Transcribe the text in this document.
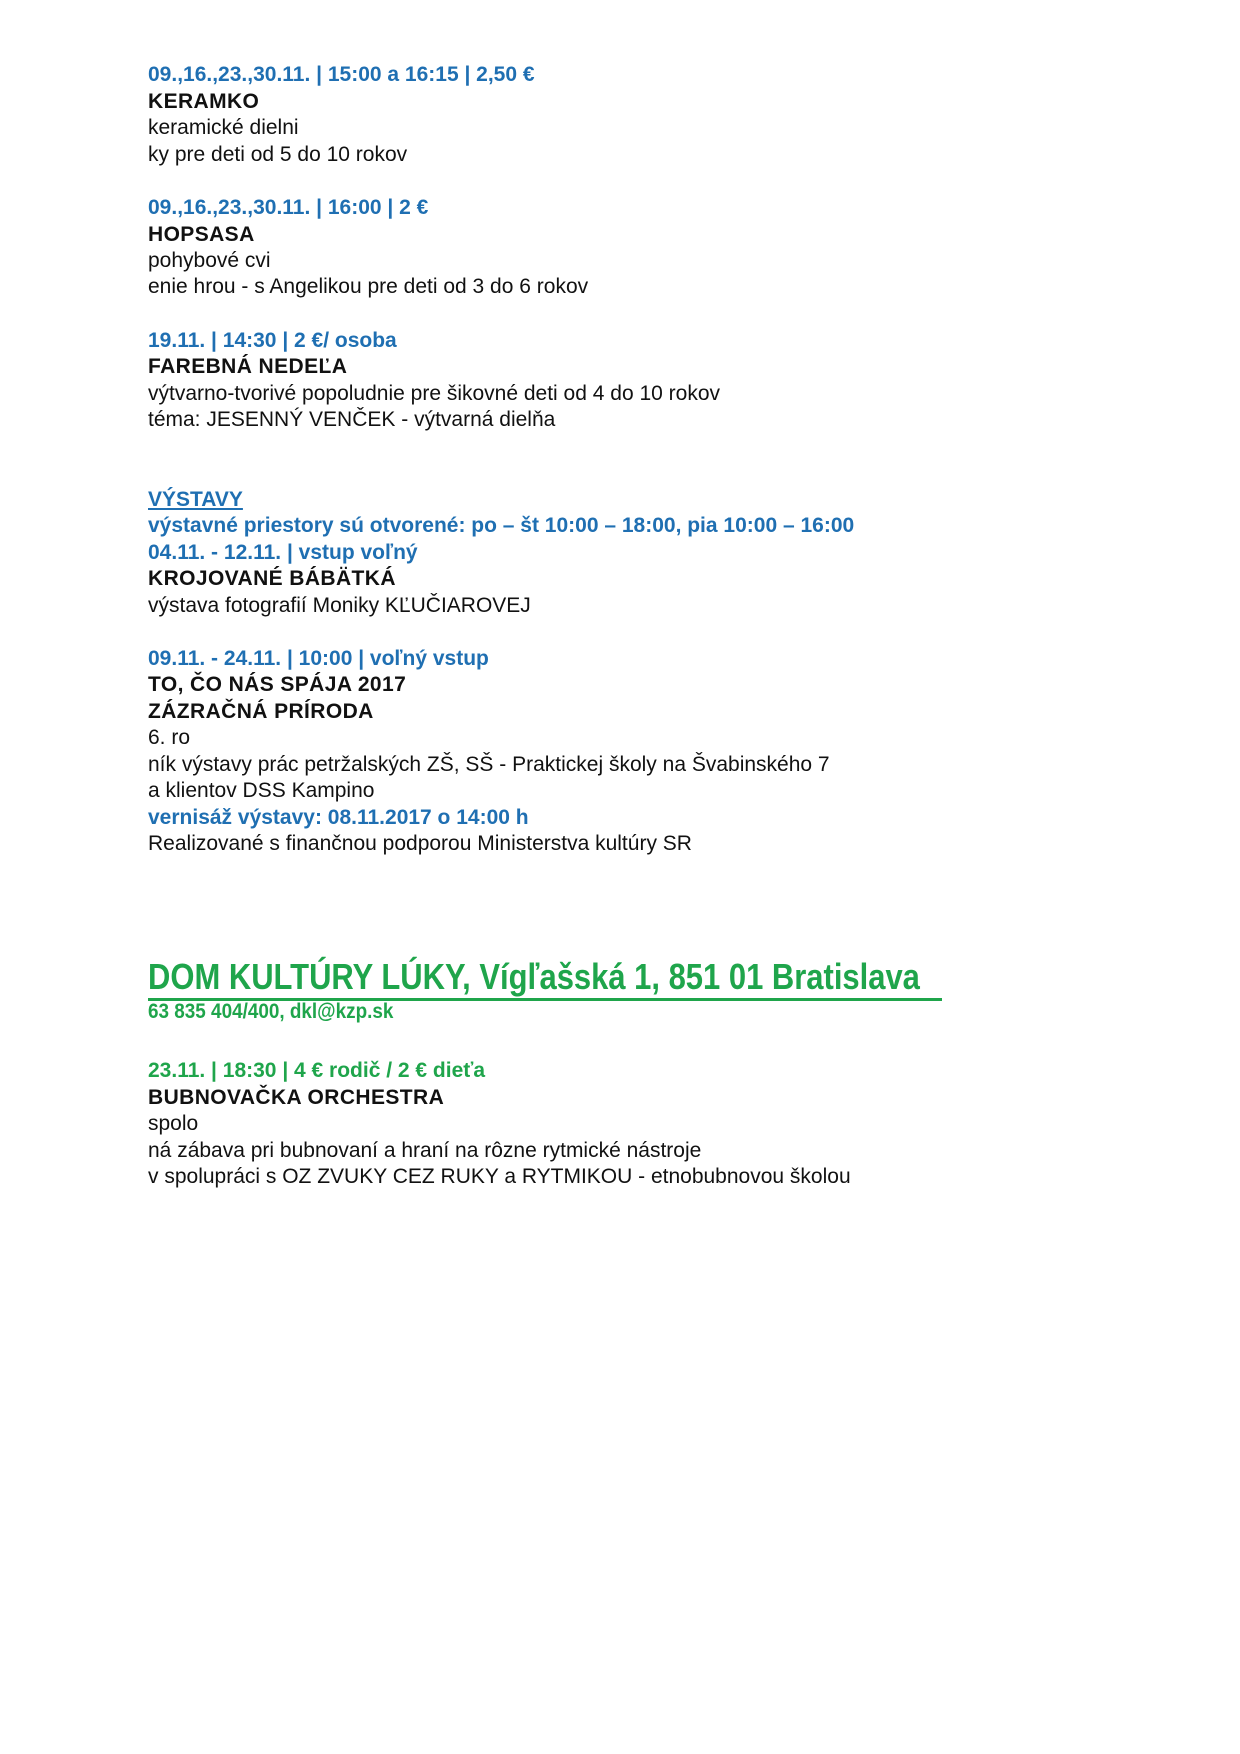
09.,16.,23.,30.11. | 15:00 a 16:15 | 2,50 €
KERAMKO
keramické dielni
ky pre deti od 5 do 10 rokov
09.,16.,23.,30.11. | 16:00 | 2 €
HOPSASA
pohybové cvi
enie hrou - s Angelikou pre deti od 3 do 6 rokov
19.11. | 14:30 | 2 €/ osoba
FAREBNÁ NEDEĽA
výtvarno-tvorivé popoludnie pre šikovné deti od 4 do 10 rokov
téma: JESENNÝ VENČEK - výtvarná dielňa
VÝSTAVY
výstavné priestory sú otvorené: po – št 10:00 – 18:00, pia 10:00 – 16:00
04.11. - 12.11. | vstup voľný
KROJOVANÉ BÁBÄTKÁ
výstava fotografií Moniky KĽUČIAROVEJ
09.11. - 24.11. | 10:00 | voľný vstup
TO, ČO NÁS SPÁJA 2017
ZÁZRAČNÁ PRÍRODA
6. ro
ník výstavy prác petržalských ZŠ, SŠ - Praktickej školy na Švabinského 7
a klientov DSS Kampino
vernisáž výstavy: 08.11.2017 o 14:00 h
Realizované s finančnou podporou Ministerstva kultúry SR
DOM KULTÚRY LÚKY, Vígľašská 1, 851 01 Bratislava
63 835 404/400, dkl@kzp.sk
23.11. | 18:30 | 4 € rodič / 2 € dieťa
BUBNOVAČKA ORCHESTRA
spolo
ná zábava pri bubnovaní a hraní na rôzne rytmické nástroje
v spolupráci s OZ ZVUKY CEZ RUKY a RYTMIKOU - etnobubnovou školou
